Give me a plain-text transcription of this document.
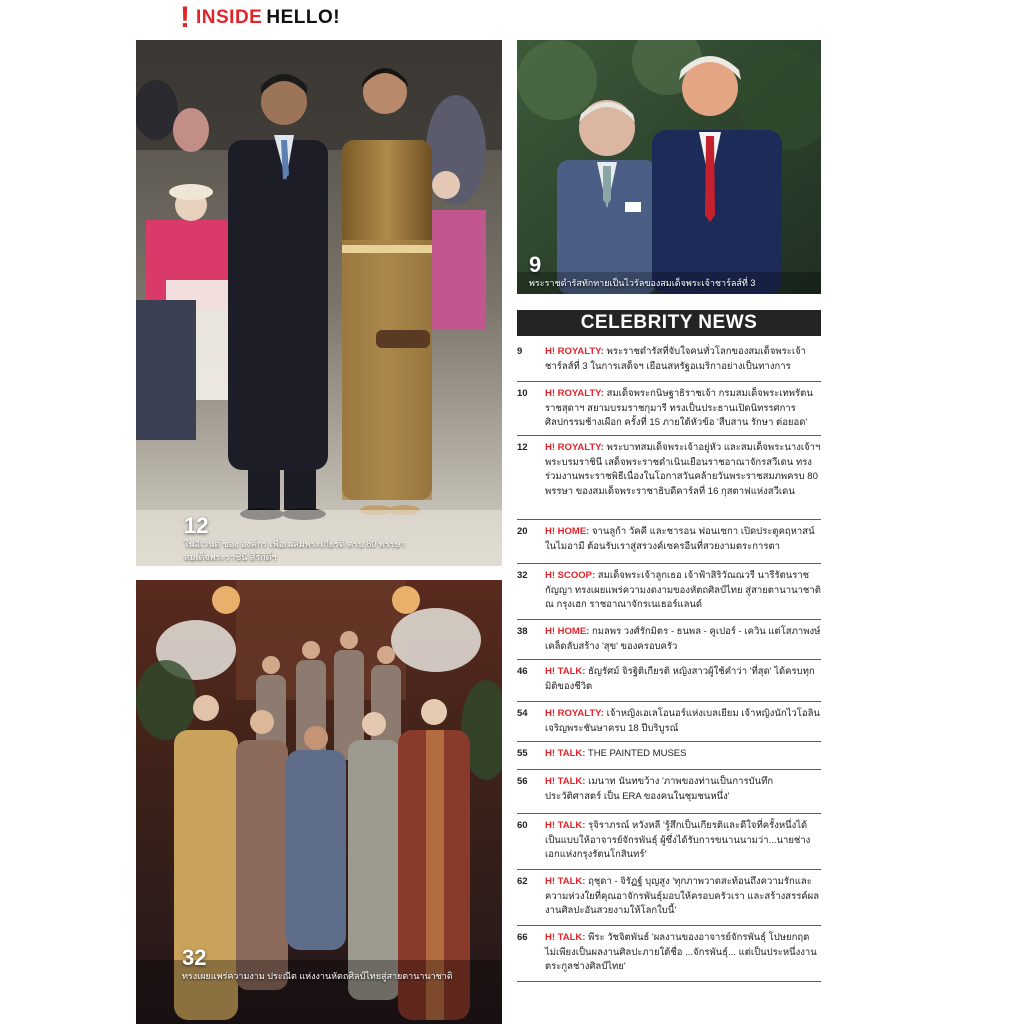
! INSIDE HELLO!
12
ในอีเวนต์ ของ องค์กร เพื่อเฉลิมพระเกียรติ ครบ 80 พรรษา
สมเด็จพระราชินี สิริกิติ์ฯ
9
พระราชดำรัสทักทายเป็นไวรัลของสมเด็จพระเจ้าชาร์ลส์ที่ 3
32
ทรงเผยแพร่ความงาม ประณีต แห่งงานหัตถศิลป์ไทยสู่สายตานานาชาติ
CELEBRITY NEWS
9	H! ROYALTY: พระราชดำรัสที่จับใจคนทั่วโลกของสมเด็จพระเจ้าชาร์ลส์ที่ 3 ในการเสด็จฯ เยือนสหรัฐอเมริกาอย่างเป็นทางการ
10	H! ROYALTY: สมเด็จพระกนิษฐาธิราชเจ้า กรมสมเด็จพระเทพรัตนราชสุดาฯ สยามบรมราชกุมารี ทรงเป็นประธานเปิดนิทรรศการศิลปกรรมช้างเผือก ครั้งที่ 15 ภายใต้หัวข้อ 'สืบสาน รักษา ต่อยอด'
12	H! ROYALTY: พระบาทสมเด็จพระเจ้าอยู่หัว และสมเด็จพระนางเจ้าฯ พระบรมราชินี เสด็จพระราชดำเนินเยือนราชอาณาจักรสวีเดน ทรงร่วมงานพระราชพิธีเนื่องในโอกาสวันคล้ายวันพระราชสมภพครบ 80 พรรษา ของสมเด็จพระราชาธิบดีคาร์ลที่ 16 กุสตาฟแห่งสวีเดน
20	H! HOME: จานลูก้า วัคคี และชารอน ฟอนเซกา เปิดประตูคฤหาสน์ในไมอามี ต้อนรับเราสู่สรวงค์เซครอีนที่สวยงามตระการตา
32	H! SCOOP: สมเด็จพระเจ้าลูกเธอ เจ้าฟ้าสิริวัณณวรี นารีรัตนราชกัญญา ทรงเผยแพร่ความงดงามของหัตถศิลป์ไทย สู่สายตานานาชาติ ณ กรุงเฮก ราชอาณาจักรเนเธอร์แลนด์
38	H! HOME: กมลพร วงศ์รักมิตร - ธนพล - คูเปอร์ - เควิน แต่โสภาพงษ์ เคล็ดลับสร้าง 'สุข' ของครอบครัว
46	H! TALK: ธัญรัศม์ จิรฐิติเกียรติ หญิงสาวผู้ใช้คำว่า 'ที่สุด' ได้ครบทุกมิติของชีวิต
54	H! ROYALTY: เจ้าหญิงเอเลโอนอร์แห่งเบลเยียม เจ้าหญิงนักไวโอลินเจริญพระชันษาครบ 18 ปีบริบูรณ์
55	H! TALK: THE PAINTED MUSES
56	H! TALK: เมนาท นันทขว้าง 'ภาพของท่านเป็นการบันทึกประวัติศาสตร์ เป็น ERA ของคนในชุมชนหนึ่ง'
60	H! TALK: รุจิราภรณ์ หวังหลี 'รู้สึกเป็นเกียรติและดีใจที่ครั้งหนึ่งได้เป็นแบบให้อาจารย์จักรพันธุ์ ผู้ซึ่งได้รับการขนานนามว่า...นายช่างเอกแห่งกรุงรัตนโกสินทร์'
62	H! TALK: ฤชุดา - จิรัฏฐ์ บุญสูง 'ทุกภาพวาดสะท้อนถึงความรักและความห่วงใยที่คุณอาจักรพันธุ์มอบให้ครอบครัวเรา และสร้างสรรค์ผลงานศิลปะอันสวยงามให้โลกใบนี้'
66	H! TALK: พีระ วัชจิตพันธ์ 'ผลงานของอาจารย์จักรพันธุ์ โปษยกฤต ไม่เพียงเป็นผลงานศิลปะภายใต้ชื่อ ...จักรพันธุ์... แต่เป็นประหนึ่งงานตระกูลช่างศิลป์ไทย'
